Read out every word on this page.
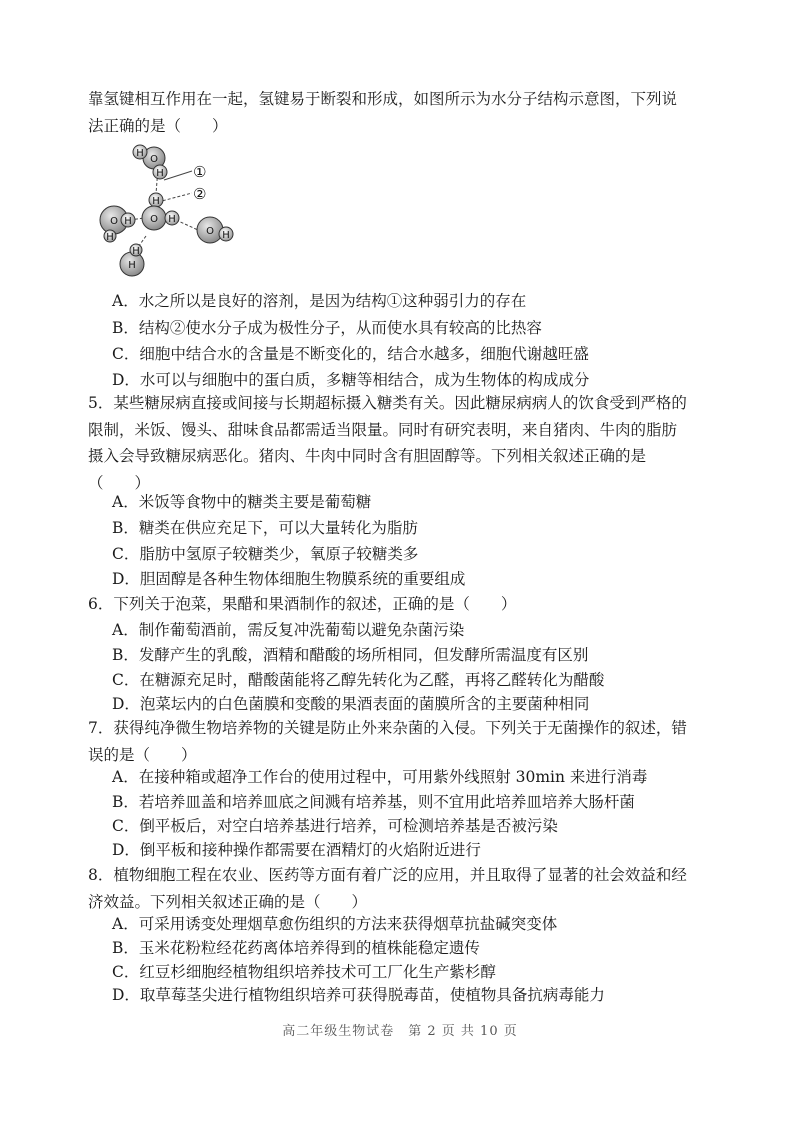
靠氢键相互作用在一起，氢键易于断裂和形成，如图所示为水分子结构示意图，下列说
法正确的是（　　）
H
O
H
H
O H
O H
H
O H
H
H
①
②
A．水之所以是良好的溶剂，是因为结构①这种弱引力的存在
B．结构②使水分子成为极性分子，从而使水具有较高的比热容
C．细胞中结合水的含量是不断变化的，结合水越多，细胞代谢越旺盛
D．水可以与细胞中的蛋白质，多糖等相结合，成为生物体的构成成分
5．某些糖尿病直接或间接与长期超标摄入糖类有关。因此糖尿病病人的饮食受到严格的
限制，米饭、馒头、甜味食品都需适当限量。同时有研究表明，来自猪肉、牛肉的脂肪
摄入会导致糖尿病恶化。猪肉、牛肉中同时含有胆固醇等。下列相关叙述正确的是
（　　）
A．米饭等食物中的糖类主要是葡萄糖
B．糖类在供应充足下，可以大量转化为脂肪
C．脂肪中氢原子较糖类少，氧原子较糖类多
D．胆固醇是各种生物体细胞生物膜系统的重要组成
6．下列关于泡菜，果醋和果酒制作的叙述，正确的是（　　）
A．制作葡萄酒前，需反复冲洗葡萄以避免杂菌污染
B．发酵产生的乳酸，酒精和醋酸的场所相同，但发酵所需温度有区别
C．在糖源充足时，醋酸菌能将乙醇先转化为乙醛，再将乙醛转化为醋酸
D．泡菜坛内的白色菌膜和变酸的果酒表面的菌膜所含的主要菌种相同
7．获得纯净微生物培养物的关键是防止外来杂菌的入侵。下列关于无菌操作的叙述，错
误的是（　　）
A．在接种箱或超净工作台的使用过程中，可用紫外线照射 30min 来进行消毒
B．若培养皿盖和培养皿底之间溅有培养基，则不宜用此培养皿培养大肠杆菌
C．倒平板后，对空白培养基进行培养，可检测培养基是否被污染
D．倒平板和接种操作都需要在酒精灯的火焰附近进行
8．植物细胞工程在农业、医药等方面有着广泛的应用，并且取得了显著的社会效益和经
济效益。下列相关叙述正确的是（　　）
A．可采用诱变处理烟草愈伤组织的方法来获得烟草抗盐碱突变体
B．玉米花粉粒经花药离体培养得到的植株能稳定遗传
C．红豆杉细胞经植物组织培养技术可工厂化生产紫杉醇
D．取草莓茎尖进行植物组织培养可获得脱毒苗，使植物具备抗病毒能力
高二年级生物试卷　第 2 页 共 10 页
